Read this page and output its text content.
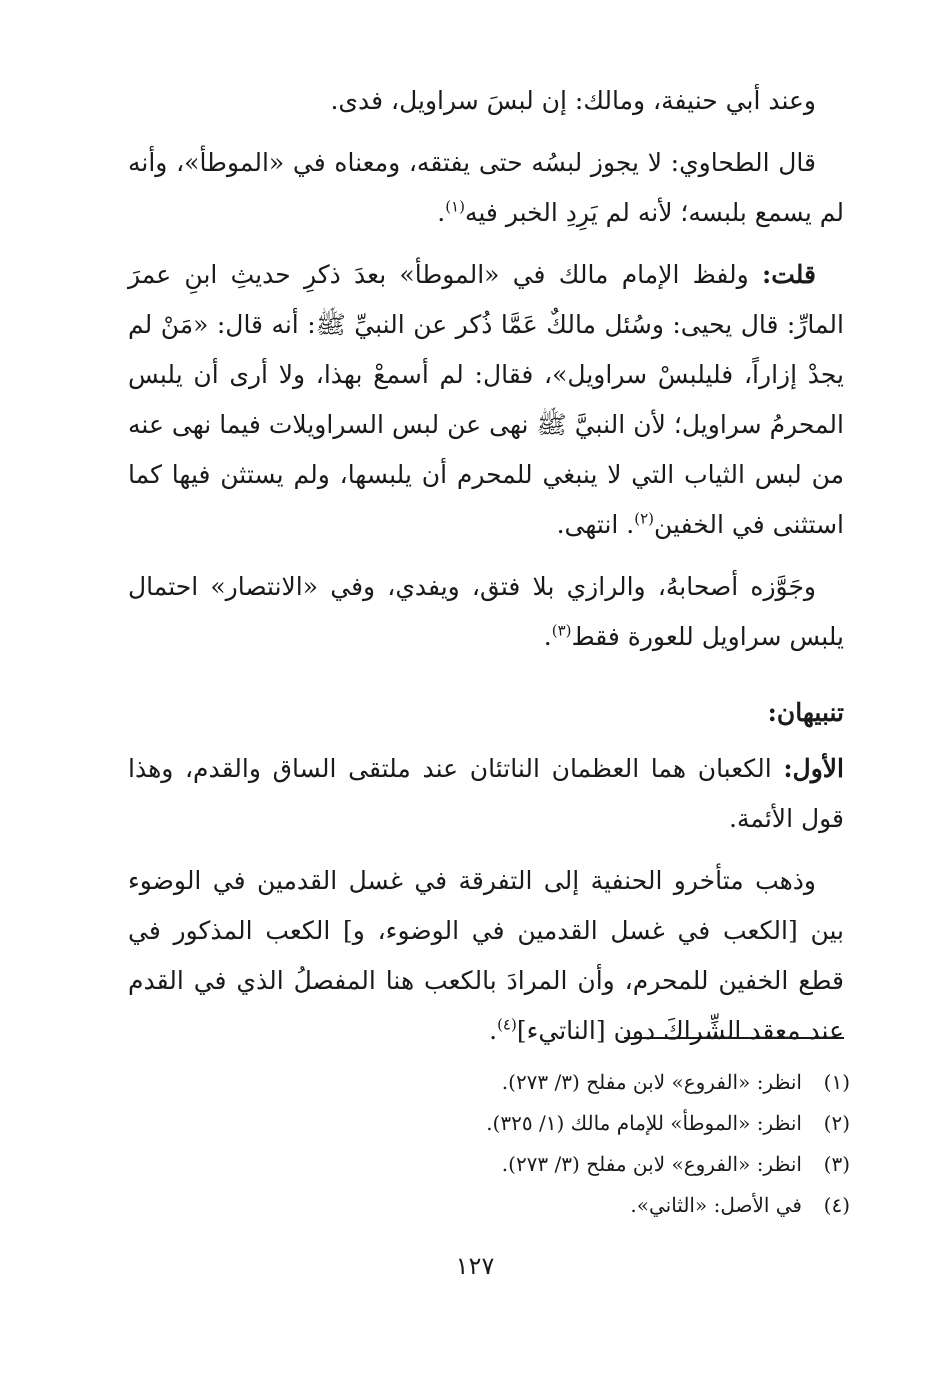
وعند أبي حنيفة، ومالك: إن لبسَ سراويل، فدى.

قال الطحاوي: لا يجوز لبسُه حتى يفتقه، ومعناه في «الموطأ»، وأنه لم يسمع بلبسه؛ لأنه لم يَرِدِ الخبر فيه$^{(١)}$.

قلت: ولفظ الإمام مالك في «الموطأ» بعدَ ذكرِ حديثِ ابنِ عمرَ المارِّ: قال يحيى: وسُئل مالكٌ عَمَّا ذُكر عن النبيِّ ﷺ: أنه قال: «مَنْ لم يجدْ إزاراً، فليلبسْ سراويل»، فقال: لم أسمعْ بهذا، ولا أرى أن يلبس المحرمُ سراويل؛ لأن النبيَّ ﷺ نهى عن لبس السراويلات فيما نهى عنه من لبس الثياب التي لا ينبغي للمحرم أن يلبسها، ولم يستثن فيها كما استثنى في الخفين$^{(٢)}$. انتهى.

وجَوَّزه أصحابهُ، والرازي بلا فتق، ويفدي، وفي «الانتصار» احتمال يلبس سراويل للعورة فقط$^{(٣)}$.

تنبيهان:

الأول: الكعبان هما العظمان الناتئان عند ملتقى الساق والقدم، وهذا قول الأئمة.

وذهب متأخرو الحنفية إلى التفرقة في غسل القدمين في الوضوء بين [الكعب في غسل القدمين في الوضوء، و] الكعب المذكور في قطع الخفين للمحرم، وأن المرادَ بالكعب هنا المفصلُ الذي في القدم عند معقد الشِّراكَ دون [الناتيء]$^{(٤)}$.

(١)
انظر: «الفروع» لابن مفلح (٣/ ٢٧٣).
(٢)
انظر: «الموطأ» للإمام مالك (١/ ٣٢٥).
(٣)
انظر: «الفروع» لابن مفلح (٣/ ٢٧٣).
(٤)
في الأصل: «الثاني».
١٢٧
